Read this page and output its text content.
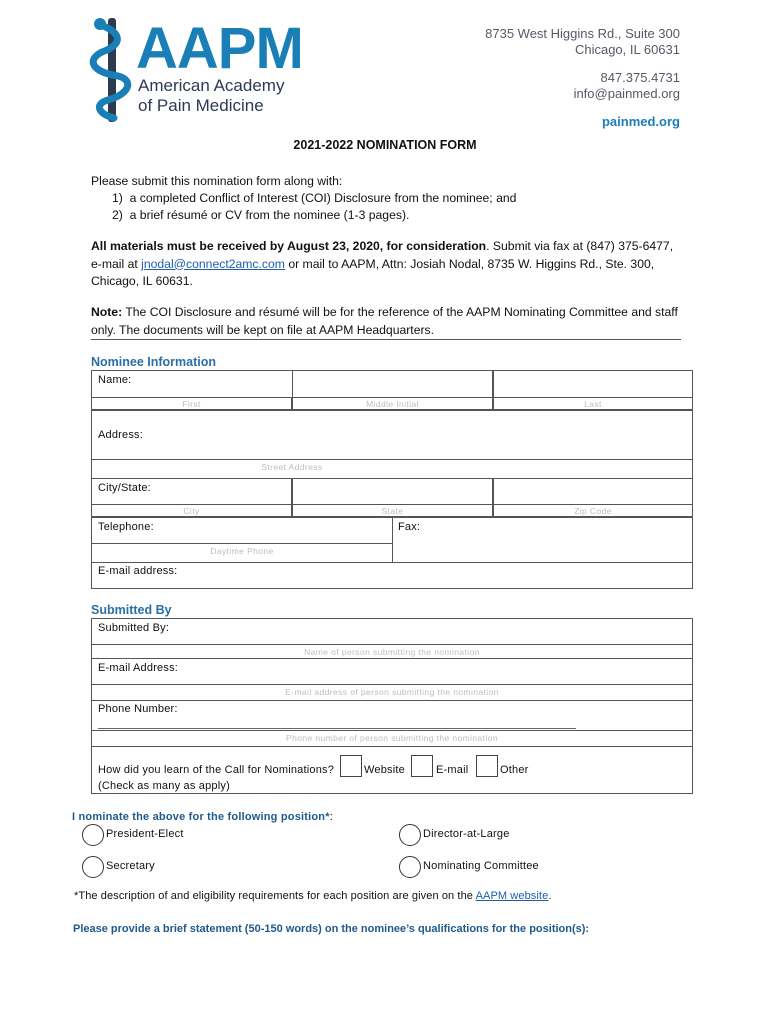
AAPM
American Academy
of Pain Medicine
8735 West Higgins Rd., Suite 300
Chicago, IL 60631
847.375.4731
info@painmed.org
painmed.org
2021-2022 NOMINATION FORM
Please submit this nomination form along with:
1) a completed Conflict of Interest (COI) Disclosure from the nominee; and
2) a brief résumé or CV from the nominee (1-3 pages).
All materials must be received by August 23, 2020, for consideration. Submit via fax at (847) 375-6477,
e-mail at jnodal@connect2amc.com or mail to AAPM, Attn: Josiah Nodal, 8735 W. Higgins Rd., Ste. 300,
Chicago, IL 60631.
Note: The COI Disclosure and résumé will be for the reference of the AAPM Nominating Committee and staff only. The documents will be kept on file at AAPM Headquarters.
Nominee Information
Name:
First	Middle Initial	Last
Address:
Street Address
City/State:
City	State	Zip Code
Telephone:	Fax:
Daytime Phone
E-mail address:
Submitted By
Submitted By:
Name of person submitting the nomination
E-mail Address:
E-mail address of person submitting the nomination
Phone Number:
Phone number of person submitting the nomination
How did you learn of the Call for Nominations?
(Check as many as apply)
Website	E-mail	Other
I nominate the above for the following position*:
President-Elect	Director-at-Large
Secretary	Nominating Committee
*The description of and eligibility requirements for each position are given on the AAPM website.
Please provide a brief statement (50-150 words) on the nominee’s qualifications for the position(s):
